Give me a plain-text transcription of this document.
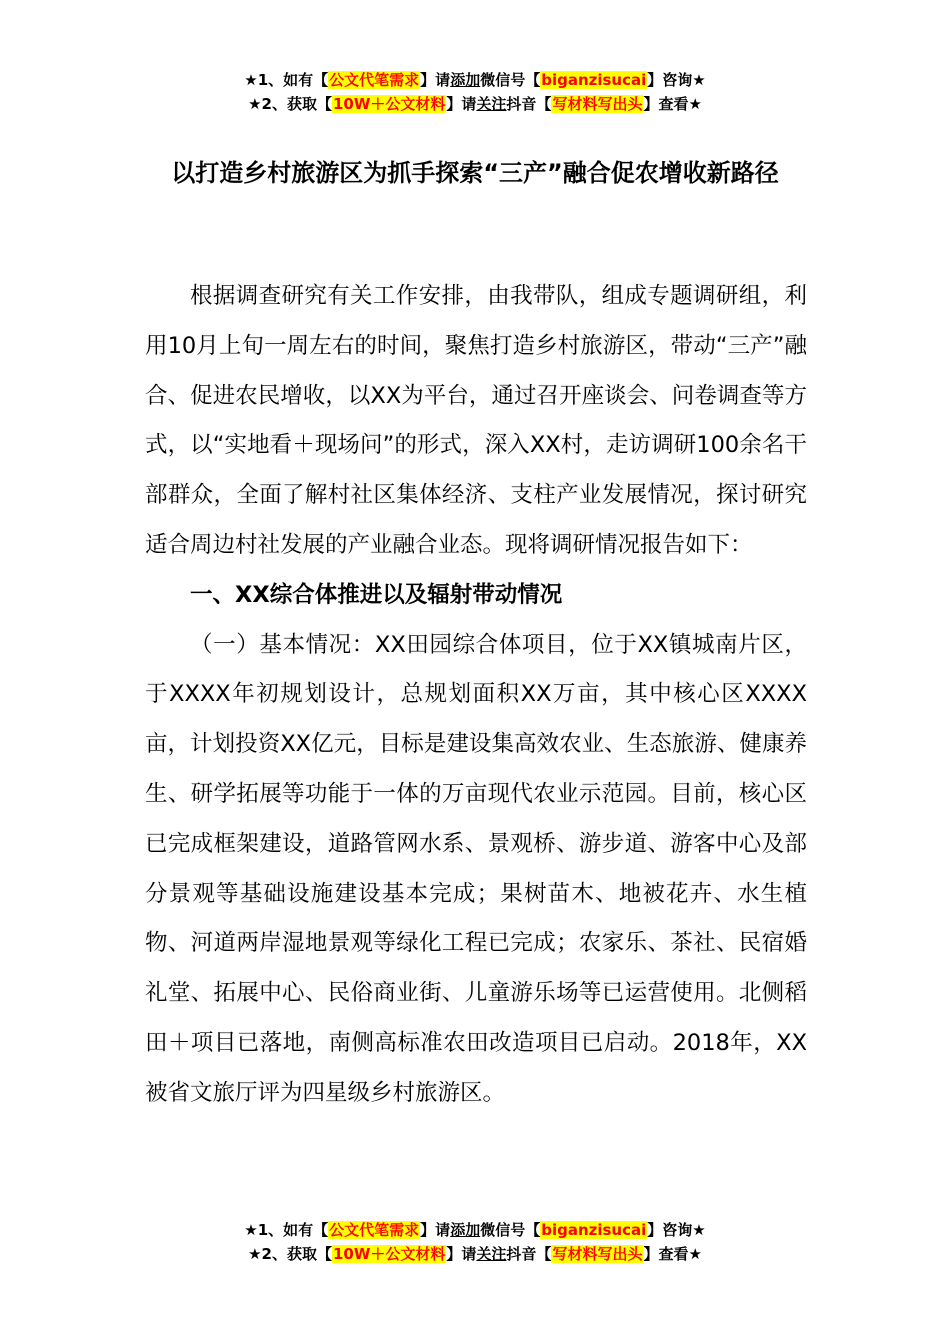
★1、如有【公文代笔需求】请添加微信号【biganzisucai】咨询★
★2、获取【10W＋公文材料】请关注抖音【写材料写出头】查看★
以打造乡村旅游区为抓手探索“三产”融合促农增收新路径

根据调查研究有关工作安排，由我带队，组成专题调研组，利用10月上旬一周左右的时间，聚焦打造乡村旅游区，带动“三产”融合、促进农民增收，以XX为平台，通过召开座谈会、问卷调查等方式，以“实地看＋现场问”的形式，深入XX村，走访调研100余名干部群众，全面了解村社区集体经济、支柱产业发展情况，探讨研究适合周边村社发展的产业融合业态。现将调研情况报告如下：

一、XX综合体推进以及辐射带动情况

（一）基本情况：XX田园综合体项目，位于XX镇城南片区，于XXXX年初规划设计，总规划面积XX万亩，其中核心区XXXX亩，计划投资XX亿元，目标是建设集高效农业、生态旅游、健康养生、研学拓展等功能于一体的万亩现代农业示范园。目前，核心区已完成框架建设，道路管网水系、景观桥、游步道、游客中心及部分景观等基础设施建设基本完成；果树苗木、地被花卉、水生植物、河道两岸湿地景观等绿化工程已完成；农家乐、茶社、民宿婚礼堂、拓展中心、民俗商业街、儿童游乐场等已运营使用。北侧稻田＋项目已落地，南侧高标准农田改造项目已启动。2018年，XX被省文旅厅评为四星级乡村旅游区。

★1、如有【公文代笔需求】请添加微信号【biganzisucai】咨询★
★2、获取【10W＋公文材料】请关注抖音【写材料写出头】查看★
